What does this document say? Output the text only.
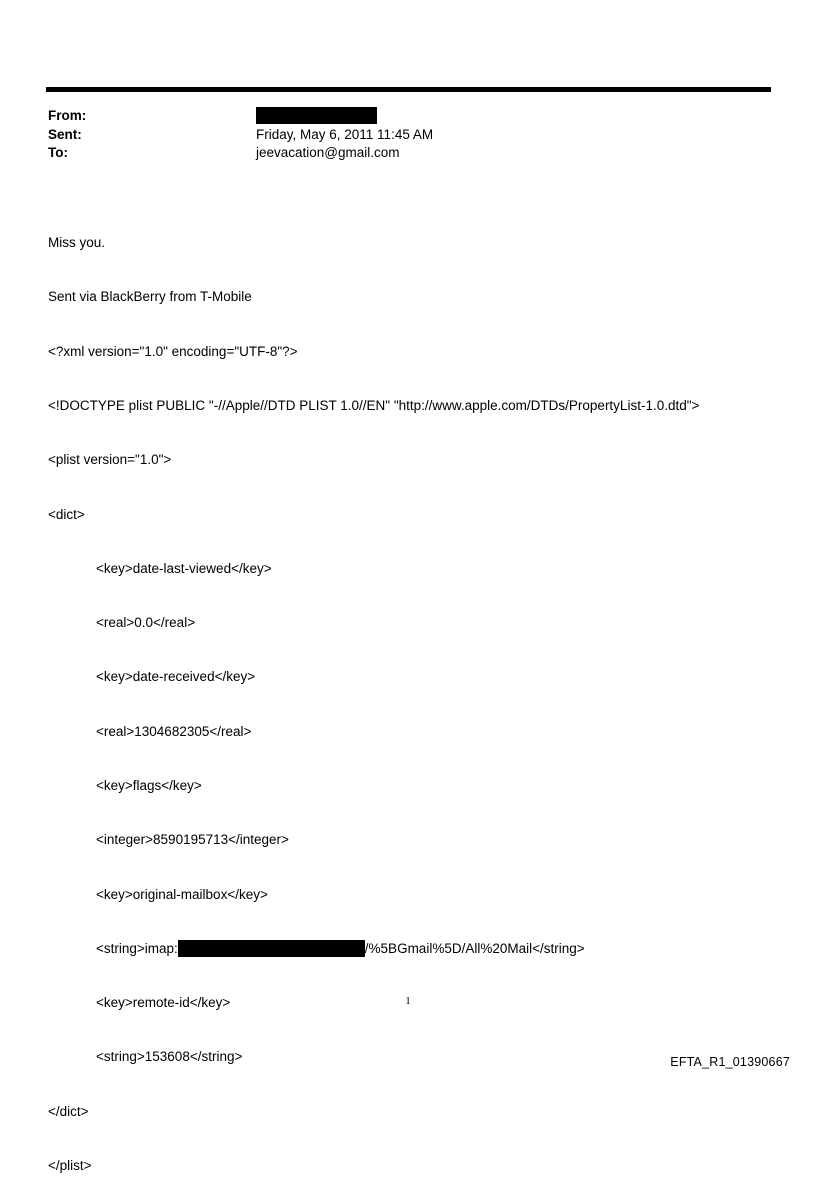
From:
Sent:	Friday, May 6, 2011 11:45 AM
To:	jeevacation@gmail.com

Miss you.

Sent via BlackBerry from T-Mobile

<?xml version="1.0" encoding="UTF-8"?>

<!DOCTYPE plist PUBLIC "-//Apple//DTD PLIST 1.0//EN" "http://www.apple.com/DTDs/PropertyList-1.0.dtd">

<plist version="1.0">

<dict>

<key>date-last-viewed</key>

<real>0.0</real>

<key>date-received</key>

<real>1304682305</real>

<key>flags</key>

<integer>8590195713</integer>

<key>original-mailbox</key>

<string>imap:	/%5BGmail%5D/All%20Mail</string>

<key>remote-id</key>

<string>153608</string>

</dict>

</plist>

1
EFTA_R1_01390667
